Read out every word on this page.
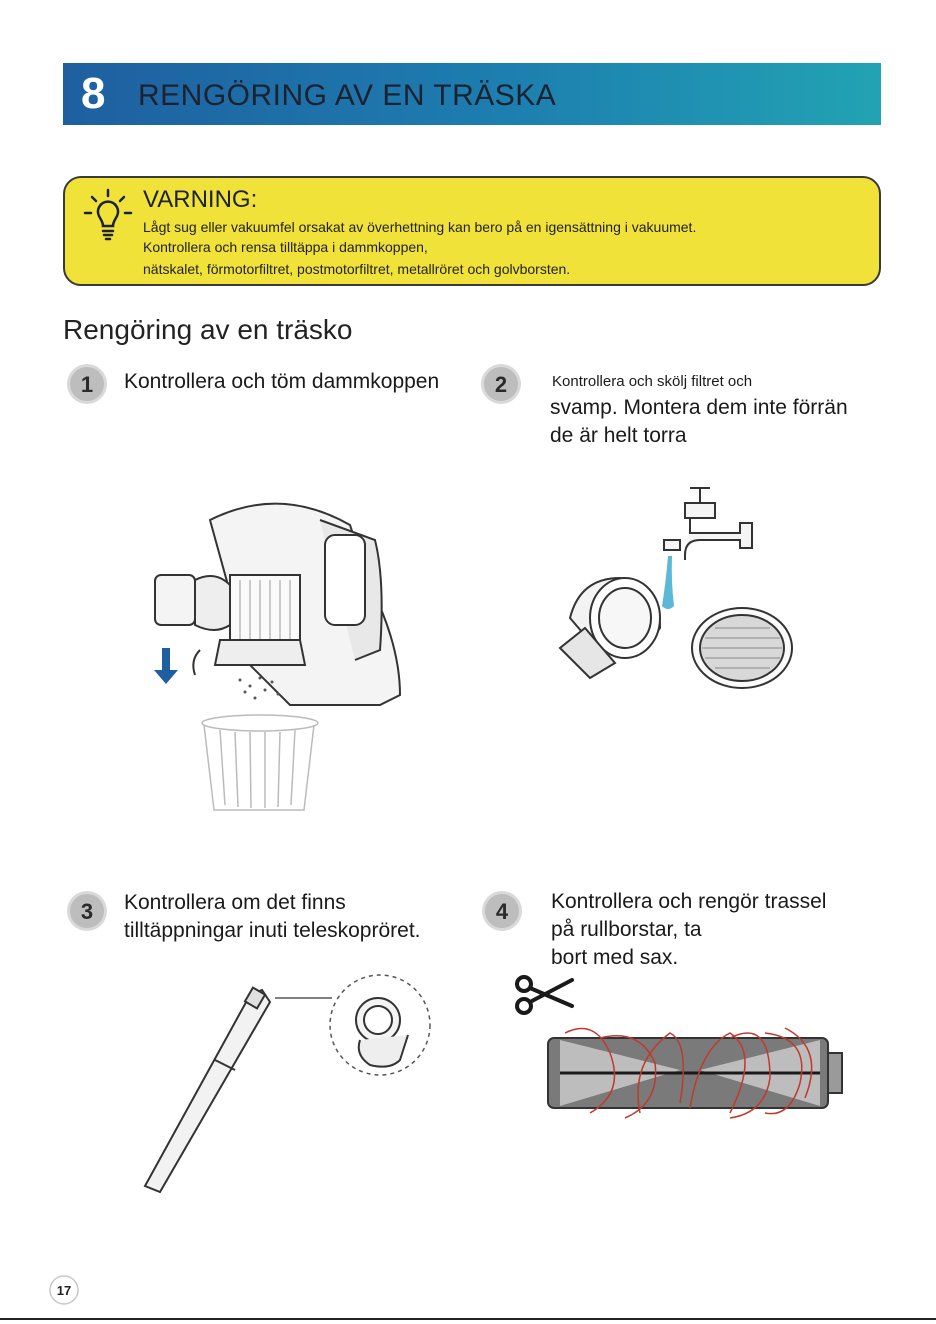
8 RENGÖRING AV EN TRÄSKA
VARNING:
Lågt sug eller vakuumfel orsakat av överhettning kan bero på en igensättning i vakuumet.
Kontrollera och rensa tilltäppa i dammkoppen,
nätskalet, förmotorfiltret, postmotorfiltret, metallröret och golvborsten.
Rengöring av en träsko
1 Kontrollera och töm dammkoppen	2	Kontrollera och skölj filtret och
svamp. Montera dem inte förrän
de är helt torra
3 Kontrollera om det finns
tilltäppningar inuti teleskopröret.
4 Kontrollera och rengör trassel
på rullborstar, ta
bort med sax.
17
